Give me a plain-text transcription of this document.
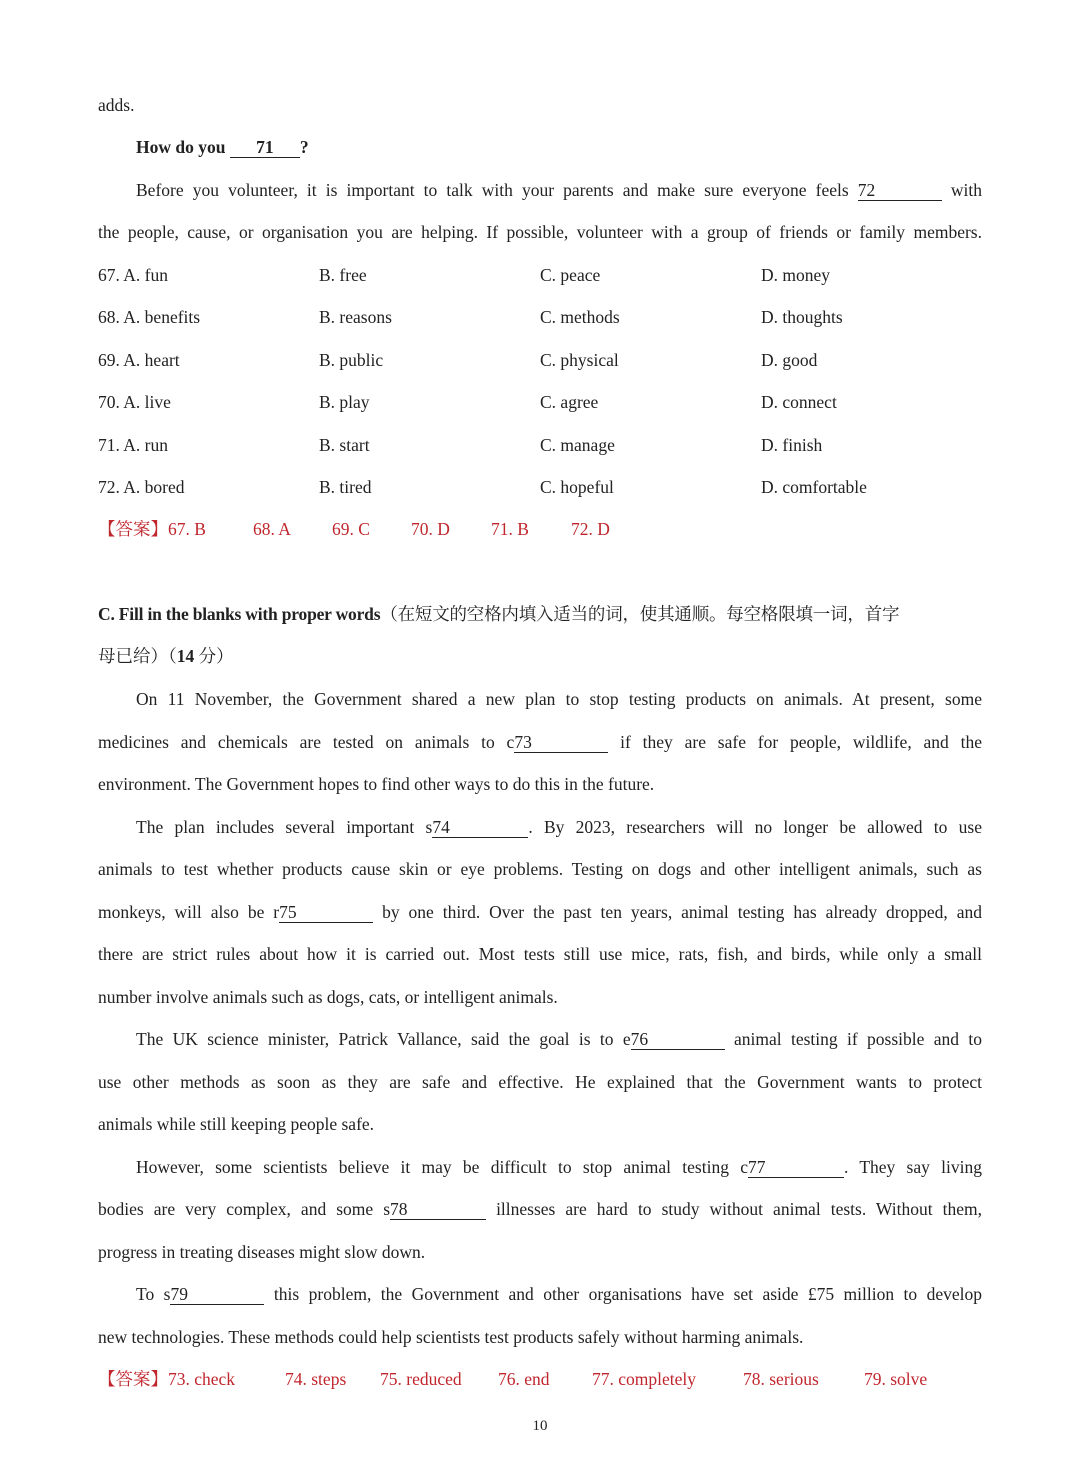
adds.
How do you 71 ?
Before you volunteer, it is important to talk with your parents and make sure everyone feels 72	with
the people, cause, or organisation you are helping. If possible, volunteer with a group of friends or family members.
67. A. fun	B. free	C. peace	D. money
68. A. benefits	B. reasons	C. methods	D. thoughts
69. A. heart	B. public	C. physical	D. good
70. A. live	B. play	C. agree	D. connect
71. A. run	B. start	C. manage	D. finish
72. A. bored	B. tired	C. hopeful	D. comfortable
【答案】67. B	68. A 69. C 70. D 71. B 72. D
C. Fill in the blanks with proper words（在短文的空格内填入适当的词，使其通顺。每空格限填一词，首字
母已给）（14 分）
On 11 November, the Government shared a new plan to stop testing products on animals. At present, some
medicines and chemicals are tested on animals to c73	if they are safe for people, wildlife, and the
environment. The Government hopes to find other ways to do this in the future.
The plan includes several important s74	. By 2023, researchers will no longer be allowed to use
animals to test whether products cause skin or eye problems. Testing on dogs and other intelligent animals, such as
monkeys, will also be r75	by one third. Over the past ten years, animal testing has already dropped, and
there are strict rules about how it is carried out. Most tests still use mice, rats, fish, and birds, while only a small
number involve animals such as dogs, cats, or intelligent animals.
The UK science minister, Patrick Vallance, said the goal is to e76	animal testing if possible and to
use other methods as soon as they are safe and effective. He explained that the Government wants to protect
animals while still keeping people safe.
However, some scientists believe it may be difficult to stop animal testing c77	. They say living
bodies are very complex, and some s78	illnesses are hard to study without animal tests. Without them,
progress in treating diseases might slow down.
To s79	this problem, the Government and other organisations have set aside £75 million to develop
new technologies. These methods could help scientists test products safely without harming animals.
【答案】73. check	74. steps 75. reduced 76. end 77. completely	78. serious	79. solve
10
